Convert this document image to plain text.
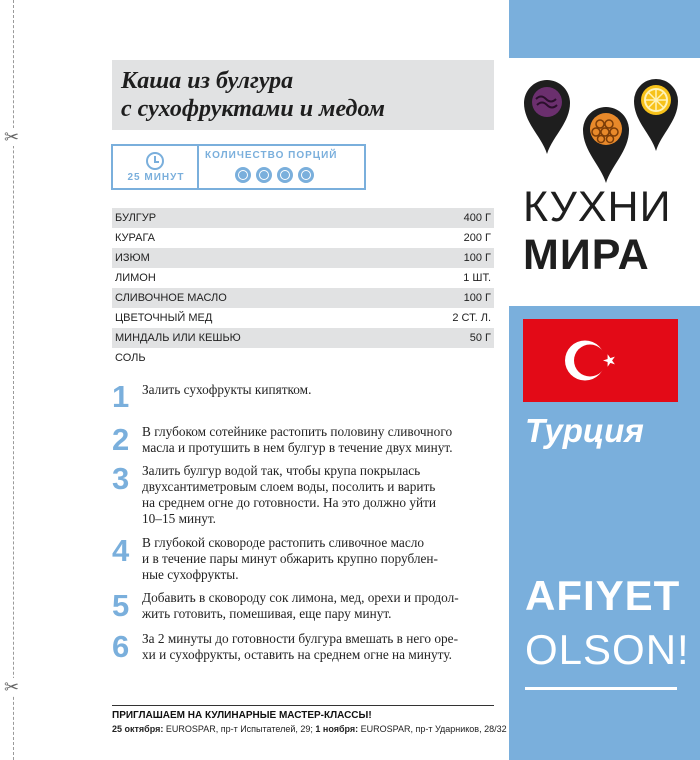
✂
✂
Каша из булгура
с сухофруктами и медом
25 МИНУТ
КОЛИЧЕСТВО ПОРЦИЙ
БУЛГУР	400 Г
КУРАГА	200 Г
ИЗЮМ	100 Г
ЛИМОН	1 ШТ.
СЛИВОЧНОЕ МАСЛО	100 Г
ЦВЕТОЧНЫЙ МЕД	2 СТ. Л.
МИНДАЛЬ ИЛИ КЕШЬЮ	50 Г
СОЛЬ
1 Залить сухофрукты кипятком.
2 В глубоком сотейнике растопить половину сливочного
масла и протушить в нем булгур в течение двух минут.
3 Залить булгур водой так, чтобы крупа покрылась
двухсантиметровым слоем воды, посолить и варить
на среднем огне до готовности. На это должно уйти
10–15 минут.
4 В глубокой сковороде растопить сливочное масло
и в течение пары минут обжарить крупно порублен-
ные сухофрукты.
5 Добавить в сковороду сок лимона, мед, орехи и продол-
жить готовить, помешивая, еще пару минут.
6 За 2 минуты до готовности булгура вмешать в него оре-
хи и сухофрукты, оставить на среднем огне на минуту.
ПРИГЛАШАЕМ НА КУЛИНАРНЫЕ МАСТЕР-КЛАССЫ!
25 октября: EUROSPAR, пр-т Испытателей, 29; 1 ноября: EUROSPAR, пр-т Ударников, 28/32
КУХНИ
МИРА
Турция
AFIYET
OLSON!
